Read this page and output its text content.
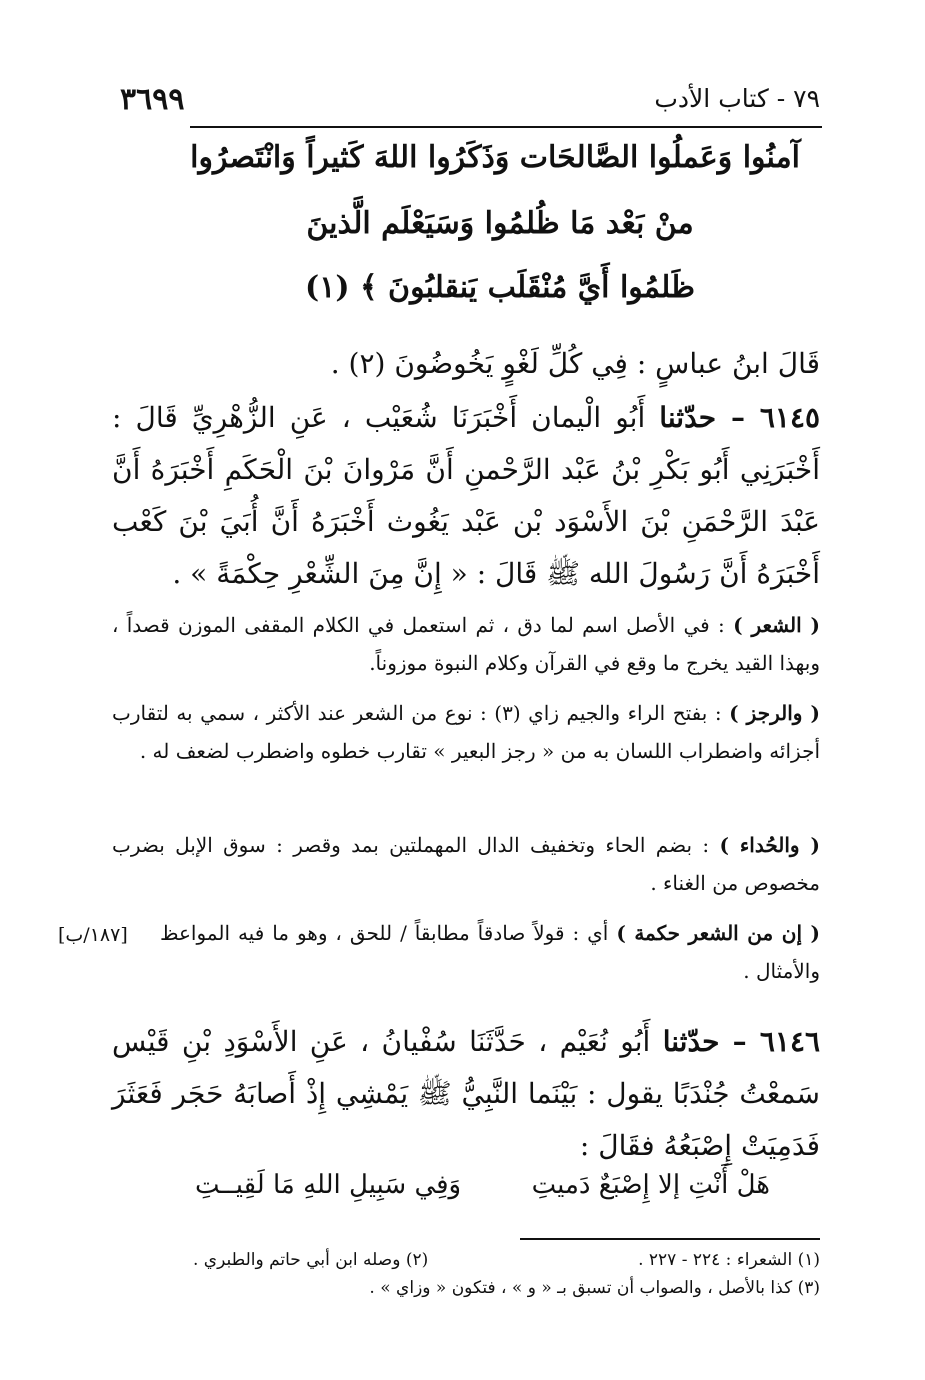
٣٦٩٩	٧٩ - كتاب الأدب
آمنُوا وَعَملُوا الصَّالحَات وَذَكَرُوا اللهَ كَثيراً وَانْتَصرُوا
منْ بَعْد مَا ظُلمُوا وَسَيَعْلَم الَّذينَ
ظَلمُوا أَيَّ مُنْقَلَب يَنقلبُونَ ﴾ (١)
قَالَ ابنُ عباسٍ : فِي كُلِّ لَغْوٍ يَخُوضُونَ (٢) .
٦١٤٥ – حدّثنا أَبُو الْيمان أَخْبَرَنَا شُعَيْب ، عَنِ الزُّهْرِيِّ قَالَ : أَخْبَرَنِي أَبُو بَكْرِ بْنُ عَبْد الرَّحْمنِ أَنَّ مَرْوانَ بْنَ الْحَكَمِ أَخْبَرَهُ أَنَّ عَبْدَ الرَّحْمَنِ بْنَ الأَسْوَد بْن عَبْد يَغُوث أَخْبَرَهُ أَنَّ أُبَيَ بْنَ كَعْب أَخْبَرَهُ أَنَّ رَسُولَ الله ﷺ قَالَ : « إِنَّ مِنَ الشِّعْرِ حِكْمَةً » .
( الشعر ) : في الأصل اسم لما دق ، ثم استعمل في الكلام المقفى الموزن قصداً ، وبهذا القيد يخرج ما وقع في القرآن وكلام النبوة موزوناً.
( والرجز ) : بفتح الراء والجيم زاي (٣) : نوع من الشعر عند الأكثر ، سمي به لتقارب أجزائه واضطراب اللسان به من « رجز البعير » تقارب خطوه واضطرب لضعف له .
( والحُداء ) : بضم الحاء وتخفيف الدال المهملتين بمد وقصر : سوق الإبل بضرب مخصوص من الغناء .
( إن من الشعر حكمة ) أي : قولاً صادقاً مطابقاً / للحق ، وهو ما فيه المواعظ والأمثال .
[١٨٧/ب]
٦١٤٦ – حدّثنا أَبُو نُعَيْم ، حَدَّثَنَا سُفْيانُ ، عَنِ الأَسْوَدِ بْنِ قَيْس سَمعْتُ جُنْدَبًا يقول : بَيْنَما النَّبِيُّ ﷺ يَمْشِي إِذْ أَصابَهُ حَجَر فَعَثَرَ فَدَمِيَتْ إِصْبَعُهُ فقَالَ :
هَلْ أَنْتِ إلا إِصْبَعٌ دَميتِ
وَفِي سَبِيلِ اللهِ مَا لَقِيــتِ
(١) الشعراء : ٢٢٤ - ٢٢٧ .
(٢) وصله ابن أبي حاتم والطبري .
(٣) كذا بالأصل ، والصواب أن تسبق بـ « و » ، فتكون « وزاي » .
